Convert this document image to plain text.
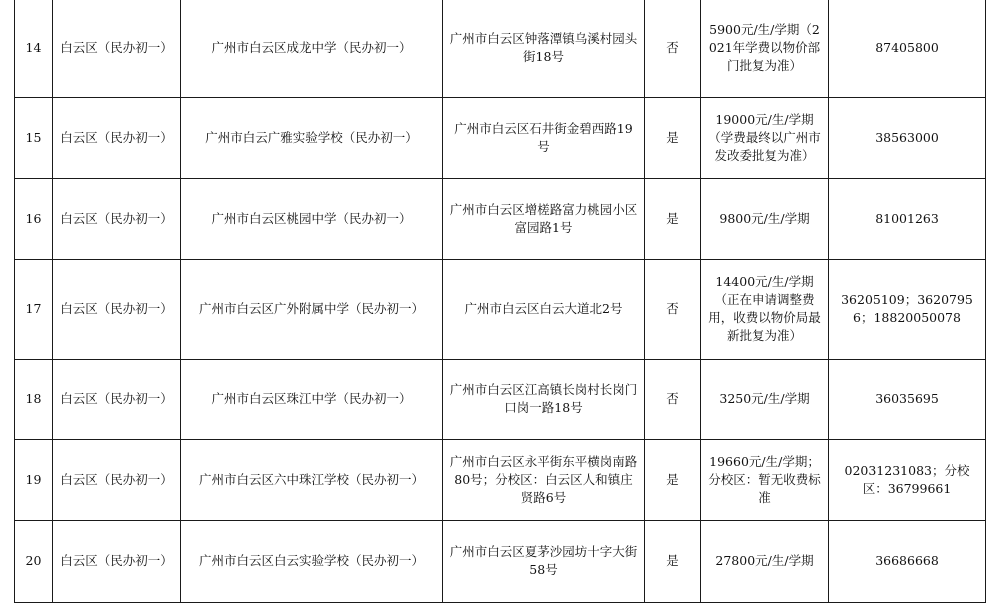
14	白云区（民办初一）	广州市白云区成龙中学（民办初一）	广州市白云区钟落潭镇乌溪村园头街18号	否	5900元/生/学期（2021年学费以物价部门批复为准）	87405800
15	白云区（民办初一）	广州市白云广雅实验学校（民办初一）	广州市白云区石井街金碧西路19号	是	19000元/生/学期（学费最终以广州市发改委批复为准）	38563000
16	白云区（民办初一）	广州市白云区桃园中学（民办初一）	广州市白云区增槎路富力桃园小区富园路1号	是	9800元/生/学期	81001263
17	白云区（民办初一）	广州市白云区广外附属中学（民办初一）	广州市白云区白云大道北2号	否	14400元/生/学期（正在申请调整费用，收费以物价局最新批复为准）	36205109；36207956；18820050078
18	白云区（民办初一）	广州市白云区珠江中学（民办初一）	广州市白云区江高镇长岗村长岗门口岗一路18号	否	3250元/生/学期	36035695
19	白云区（民办初一）	广州市白云区六中珠江学校（民办初一）	广州市白云区永平街东平横岗南路80号；分校区：白云区人和镇庄贤路6号	是	19660元/生/学期；分校区：暂无收费标准	02031231083；分校区：36799661
20	白云区（民办初一）	广州市白云区白云实验学校（民办初一）	广州市白云区夏茅沙园坊十字大街58号	是	27800元/生/学期	36686668
